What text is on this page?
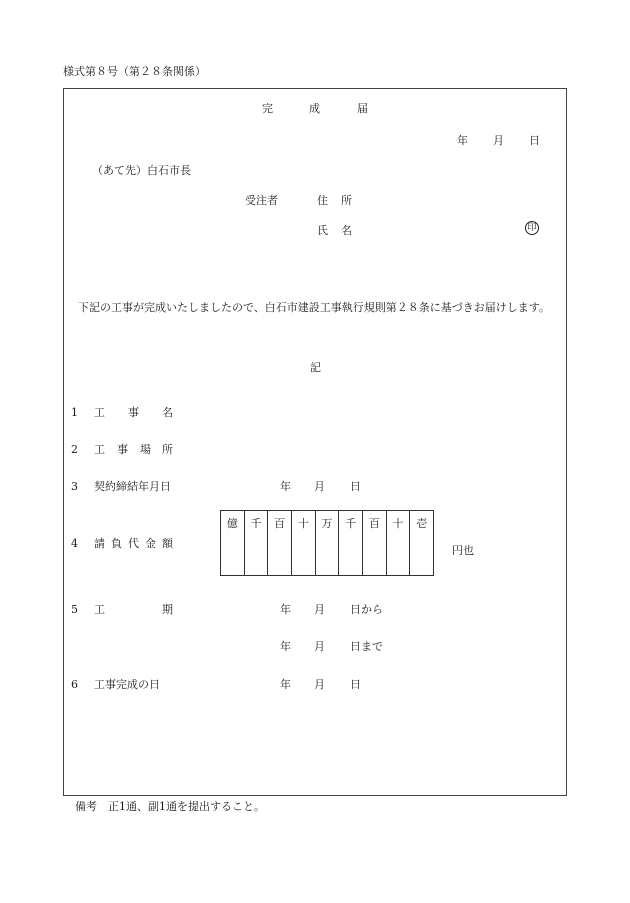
様式第８号（第２８条関係）
完	成	届
年 月 日
（あて先）白石市長
受注者	住 所
氏 名	印
下記の工事が完成いたしましたので、白石市建設工事執行規則第２８条に基づきお届けします。
記
1 工 事 名
2 工 事 場 所
3 契約締結年月日	年 月 日
4 請 負 代 金 額
億	千	百	十	万	千	百	十	壱
円也
5 工	期	年 月 日から
年 月 日まで
6 工事完成の日	年 月 日
備考　正1通、副1通を提出すること。
